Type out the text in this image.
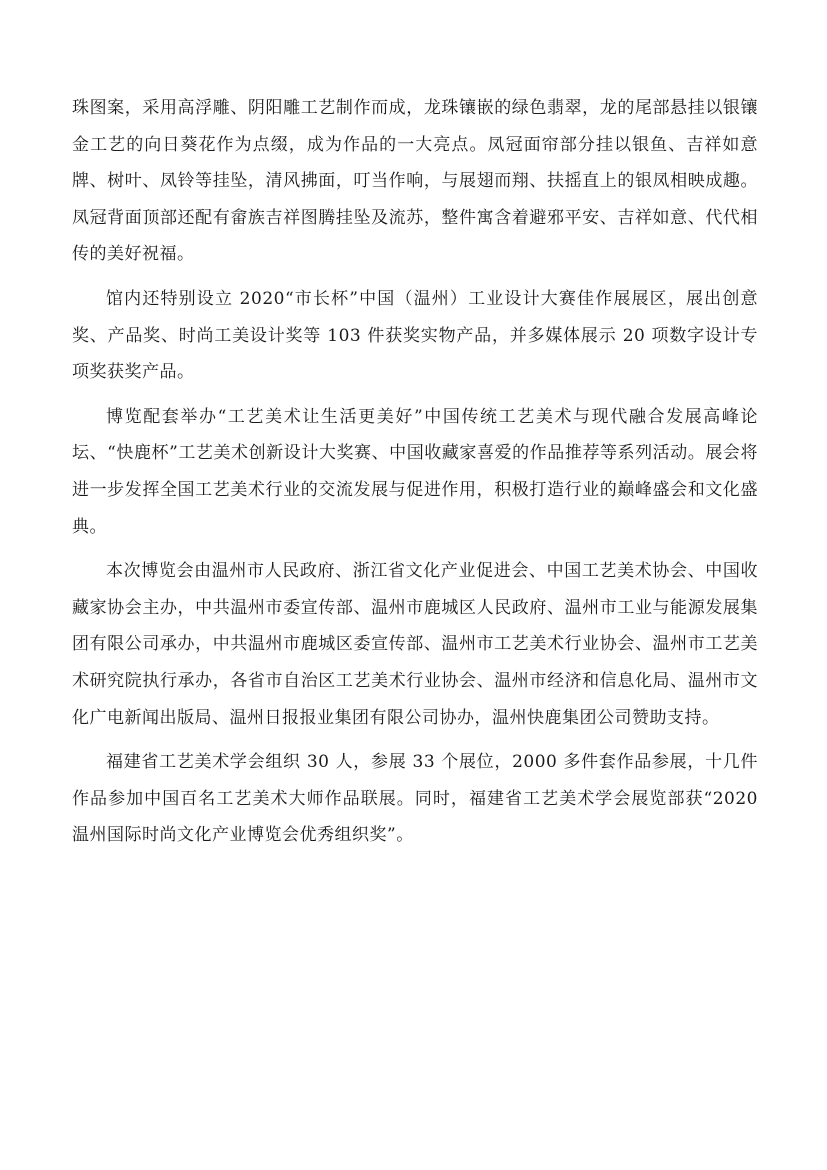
珠图案，采用高浮雕、阴阳雕工艺制作而成，龙珠镶嵌的绿色翡翠，龙的尾部悬挂以银镶金工艺的向日葵花作为点缀，成为作品的一大亮点。凤冠面帘部分挂以银鱼、吉祥如意牌、树叶、凤铃等挂坠，清风拂面，叮当作响，与展翅而翔、扶摇直上的银凤相映成趣。凤冠背面顶部还配有畲族吉祥图腾挂坠及流苏，整件寓含着避邪平安、吉祥如意、代代相传的美好祝福。

馆内还特别设立 2020“市长杯”中国（温州）工业设计大赛佳作展展区，展出创意奖、产品奖、时尚工美设计奖等 103 件获奖实物产品，并多媒体展示 20 项数字设计专项奖获奖产品。

博览配套举办“工艺美术让生活更美好”中国传统工艺美术与现代融合发展高峰论坛、“快鹿杯”工艺美术创新设计大奖赛、中国收藏家喜爱的作品推荐等系列活动。展会将进一步发挥全国工艺美术行业的交流发展与促进作用，积极打造行业的巅峰盛会和文化盛典。

本次博览会由温州市人民政府、浙江省文化产业促进会、中国工艺美术协会、中国收藏家协会主办，中共温州市委宣传部、温州市鹿城区人民政府、温州市工业与能源发展集团有限公司承办，中共温州市鹿城区委宣传部、温州市工艺美术行业协会、温州市工艺美术研究院执行承办，各省市自治区工艺美术行业协会、温州市经济和信息化局、温州市文化广电新闻出版局、温州日报报业集团有限公司协办，温州快鹿集团公司赞助支持。

福建省工艺美术学会组织 30 人，参展 33 个展位，2000 多件套作品参展，十几件作品参加中国百名工艺美术大师作品联展。同时，福建省工艺美术学会展览部获“2020 温州国际时尚文化产业博览会优秀组织奖”。
